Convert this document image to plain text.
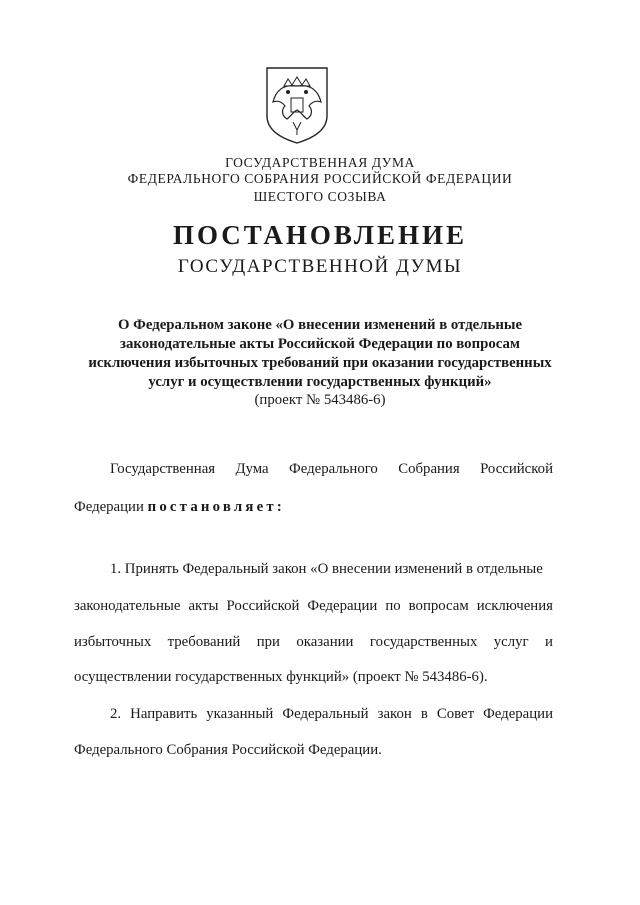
ГОСУДАРСТВЕННАЯ ДУМА
ФЕДЕРАЛЬНОГО СОБРАНИЯ РОССИЙСКОЙ ФЕДЕРАЦИИ
ШЕСТОГО СОЗЫВА
ПОСТАНОВЛЕНИЕ
ГОСУДАРСТВЕННОЙ ДУМЫ
О Федеральном законе «О внесении изменений в отдельные
законодательные акты Российской Федерации по вопросам
исключения избыточных требований при оказании государственных
услуг и осуществлении государственных функций»
(проект № 543486-6)
Государственная Дума Федерального Собрания Российской
Федерации постановляет:
1. Принять Федеральный закон «О внесении изменений в отдельные
законодательные акты Российской Федерации по вопросам исключения
избыточных требований при оказании государственных услуг и
осуществлении государственных функций» (проект № 543486-6).
2. Направить указанный Федеральный закон в Совет Федерации
Федерального Собрания Российской Федерации.
